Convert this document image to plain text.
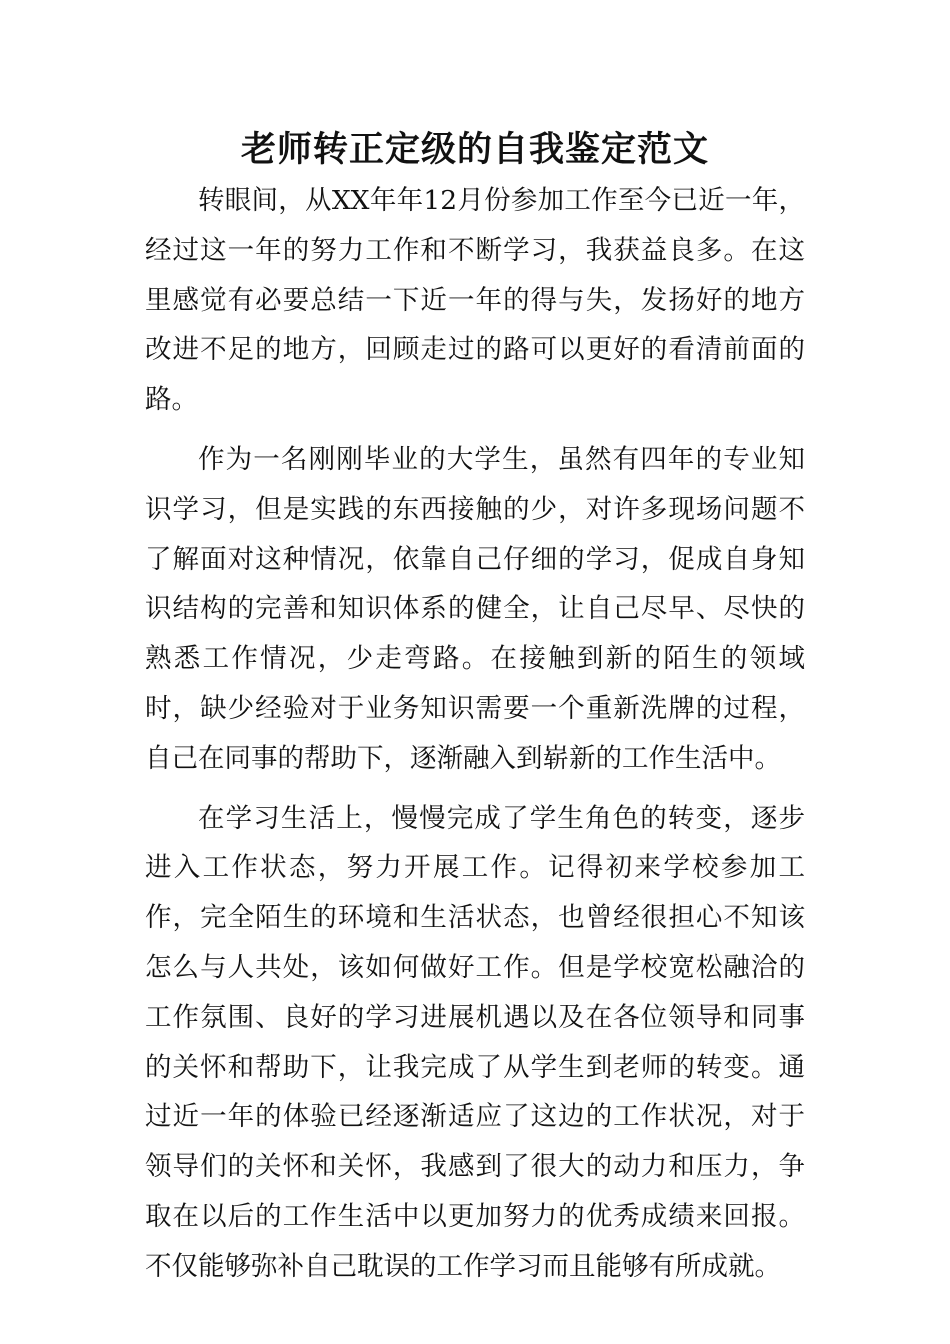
老师转正定级的自我鉴定范文

转眼间，从XX年年12月份参加工作至今已近一年，经过这一年的努力工作和不断学习，我获益良多。在这里感觉有必要总结一下近一年的得与失，发扬好的地方改进不足的地方，回顾走过的路可以更好的看清前面的路。

作为一名刚刚毕业的大学生，虽然有四年的专业知识学习，但是实践的东西接触的少，对许多现场问题不了解面对这种情况，依靠自己仔细的学习，促成自身知识结构的完善和知识体系的健全，让自己尽早、尽快的熟悉工作情况，少走弯路。在接触到新的陌生的领域时，缺少经验对于业务知识需要一个重新洗牌的过程，自己在同事的帮助下，逐渐融入到崭新的工作生活中。

在学习生活上，慢慢完成了学生角色的转变，逐步进入工作状态，努力开展工作。记得初来学校参加工作，完全陌生的环境和生活状态，也曾经很担心不知该怎么与人共处，该如何做好工作。但是学校宽松融洽的工作氛围、良好的学习进展机遇以及在各位领导和同事的关怀和帮助下，让我完成了从学生到老师的转变。通过近一年的体验已经逐渐适应了这边的工作状况，对于领导们的关怀和关怀，我感到了很大的动力和压力，争取在以后的工作生活中以更加努力的优秀成绩来回报。不仅能够弥补自己耽误的工作学习而且能够有所成就。
